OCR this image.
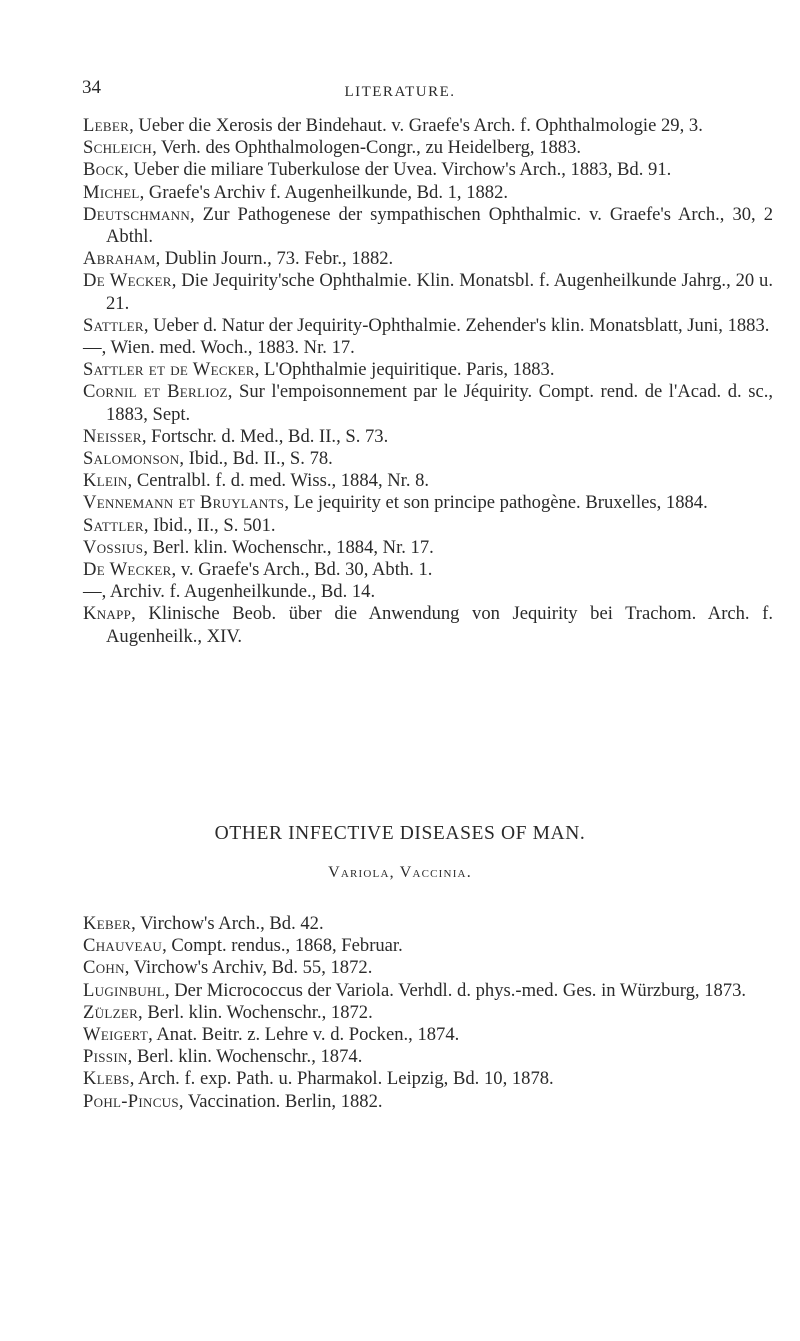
34	LITERATURE.
Leber, Ueber die Xerosis der Bindehaut. v. Graefe's Arch. f. Ophthalmologie 29, 3.
Schleich, Verh. des Ophthalmologen-Congr., zu Heidelberg, 1883.
Bock, Ueber die miliare Tuberkulose der Uvea. Virchow's Arch., 1883, Bd. 91.
Michel, Graefe's Archiv f. Augenheilkunde, Bd. 1, 1882.
Deutschmann, Zur Pathogenese der sympathischen Ophthalmic. v. Graefe's Arch., 30, 2 Abthl.
Abraham, Dublin Journ., 73. Febr., 1882.
De Wecker, Die Jequirity'sche Ophthalmie. Klin. Monatsbl. f. Augenheilkunde Jahrg., 20 u. 21.
Sattler, Ueber d. Natur der Jequirity-Ophthalmie. Zehender's klin. Monatsblatt, Juni, 1883.
—, Wien. med. Woch., 1883. Nr. 17.
Sattler et de Wecker, L'Ophthalmie jequiritique. Paris, 1883.
Cornil et Berlioz, Sur l'empoisonnement par le Jéquirity. Compt. rend. de l'Acad. d. sc., 1883, Sept.
Neisser, Fortschr. d. Med., Bd. II., S. 73.
Salomonson, Ibid., Bd. II., S. 78.
Klein, Centralbl. f. d. med. Wiss., 1884, Nr. 8.
Vennemann et Bruylants, Le jequirity et son principe pathogène. Bruxelles, 1884.
Sattler, Ibid., II., S. 501.
Vossius, Berl. klin. Wochenschr., 1884, Nr. 17.
De Wecker, v. Graefe's Arch., Bd. 30, Abth. 1.
—, Archiv. f. Augenheilkunde., Bd. 14.
Knapp, Klinische Beob. über die Anwendung von Jequirity bei Trachom. Arch. f. Augenheilk., XIV.
OTHER INFECTIVE DISEASES OF MAN.
Variola, Vaccinia.
Keber, Virchow's Arch., Bd. 42.
Chauveau, Compt. rendus., 1868, Februar.
Cohn, Virchow's Archiv, Bd. 55, 1872.
Luginbuhl, Der Micrococcus der Variola. Verhdl. d. phys.-med. Ges. in Würzburg, 1873.
Zülzer, Berl. klin. Wochenschr., 1872.
Weigert, Anat. Beitr. z. Lehre v. d. Pocken., 1874.
Pissin, Berl. klin. Wochenschr., 1874.
Klebs, Arch. f. exp. Path. u. Pharmakol. Leipzig, Bd. 10, 1878.
Pohl-Pincus, Vaccination. Berlin, 1882.
